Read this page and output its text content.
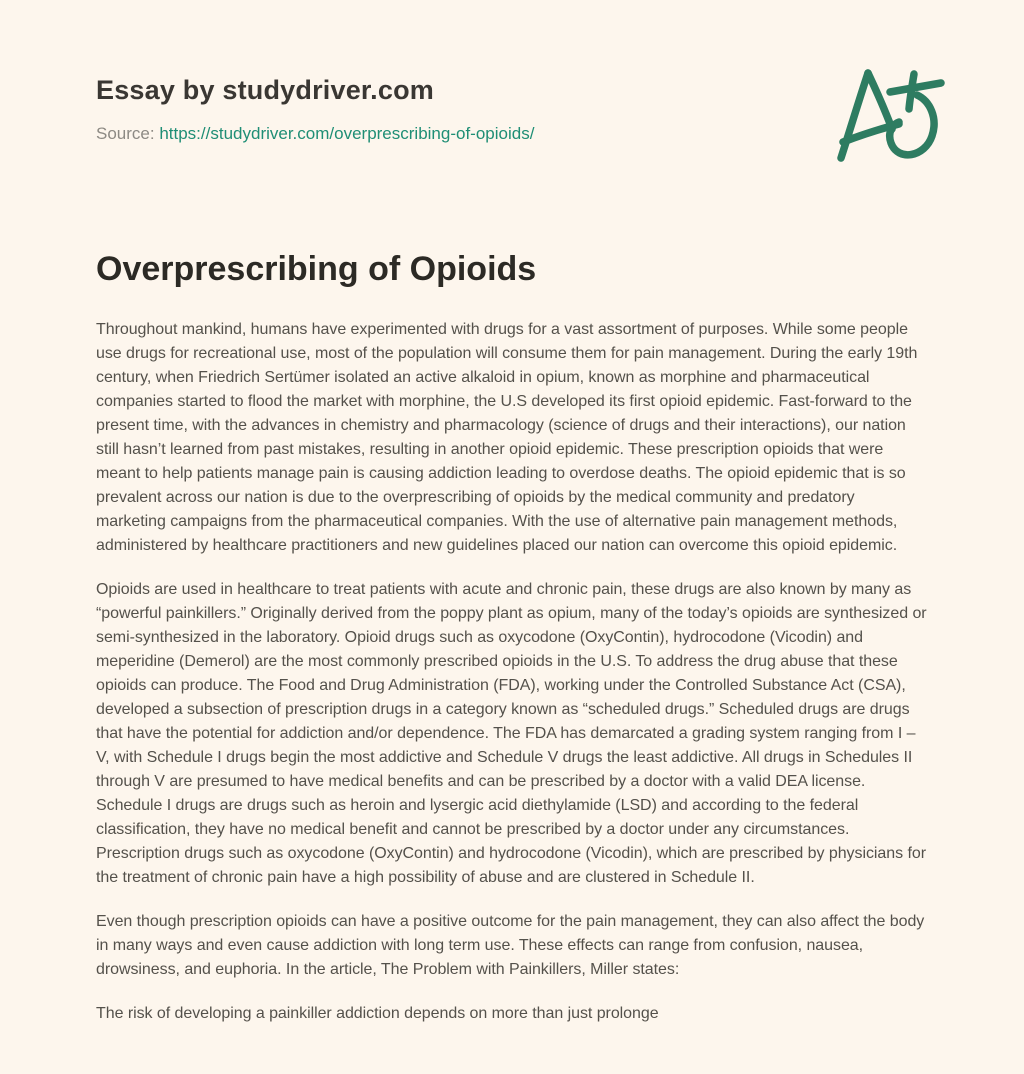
Essay by studydriver.com

Source: https://studydriver.com/overprescribing-of-opioids/

Overprescribing of Opioids

Throughout mankind, humans have experimented with drugs for a vast assortment of purposes. While some people use drugs for recreational use, most of the population will consume them for pain management. During the early 19th century, when Friedrich Sertümer isolated an active alkaloid in opium, known as morphine and pharmaceutical companies started to flood the market with morphine, the U.S developed its first opioid epidemic. Fast-forward to the present time, with the advances in chemistry and pharmacology (science of drugs and their interactions), our nation still hasn’t learned from past mistakes, resulting in another opioid epidemic. These prescription opioids that were meant to help patients manage pain is causing addiction leading to overdose deaths. The opioid epidemic that is so prevalent across our nation is due to the overprescribing of opioids by the medical community and predatory marketing campaigns from the pharmaceutical companies. With the use of alternative pain management methods, administered by healthcare practitioners and new guidelines placed our nation can overcome this opioid epidemic.

Opioids are used in healthcare to treat patients with acute and chronic pain, these drugs are also known by many as “powerful painkillers.” Originally derived from the poppy plant as opium, many of the today’s opioids are synthesized or semi-synthesized in the laboratory. Opioid drugs such as oxycodone (OxyContin), hydrocodone (Vicodin) and meperidine (Demerol) are the most commonly prescribed opioids in the U.S. To address the drug abuse that these opioids can produce. The Food and Drug Administration (FDA), working under the Controlled Substance Act (CSA), developed a subsection of prescription drugs in a category known as “scheduled drugs.” Scheduled drugs are drugs that have the potential for addiction and/or dependence. The FDA has demarcated a grading system ranging from I – V, with Schedule I drugs begin the most addictive and Schedule V drugs the least addictive. All drugs in Schedules II through V are presumed to have medical benefits and can be prescribed by a doctor with a valid DEA license. Schedule I drugs are drugs such as heroin and lysergic acid diethylamide (LSD) and according to the federal classification, they have no medical benefit and cannot be prescribed by a doctor under any circumstances. Prescription drugs such as oxycodone (OxyContin) and hydrocodone (Vicodin), which are prescribed by physicians for the treatment of chronic pain have a high possibility of abuse and are clustered in Schedule II.

Even though prescription opioids can have a positive outcome for the pain management, they can also affect the body in many ways and even cause addiction with long term use. These effects can range from confusion, nausea, drowsiness, and euphoria. In the article, The Problem with Painkillers, Miller states:

The risk of developing a painkiller addiction depends on more than just prolonge
